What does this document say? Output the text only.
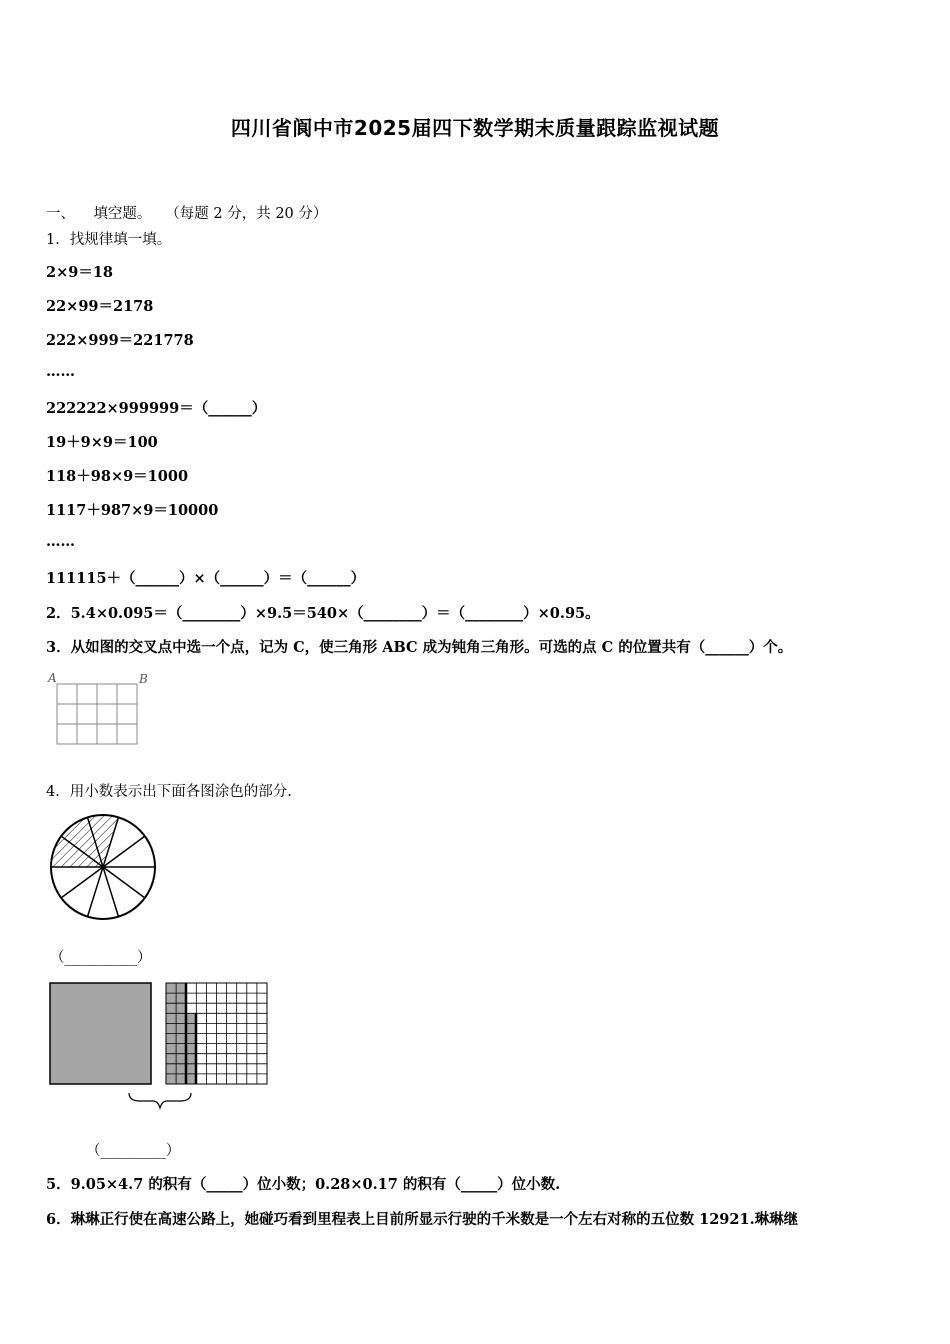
四川省阆中市2025届四下数学期末质量跟踪监视试题
一、 填空题。 （每题 2 分，共 20 分）
1．找规律填一填。
2×9＝18
22×99＝2178
222×999＝221778
……
222222×999999＝（______）
19＋9×9＝100
118＋98×9＝1000
1117＋987×9＝10000
……
111115＋（______）×（______）＝（______）
2．5.4×0.095＝（________）×9.5＝540×（________）＝（________）×0.95。
3．从如图的交叉点中选一个点，记为 C，使三角形 ABC 成为钝角三角形。可选的点 C 的位置共有（______）个。
A	B
4．用小数表示出下面各图涂色的部分.
（__________）
（_________）
5．9.05×4.7 的积有（_____）位小数；0.28×0.17 的积有（_____）位小数.
6．琳琳正行使在高速公路上，她碰巧看到里程表上目前所显示行驶的千米数是一个左右对称的五位数 12921.琳琳继
